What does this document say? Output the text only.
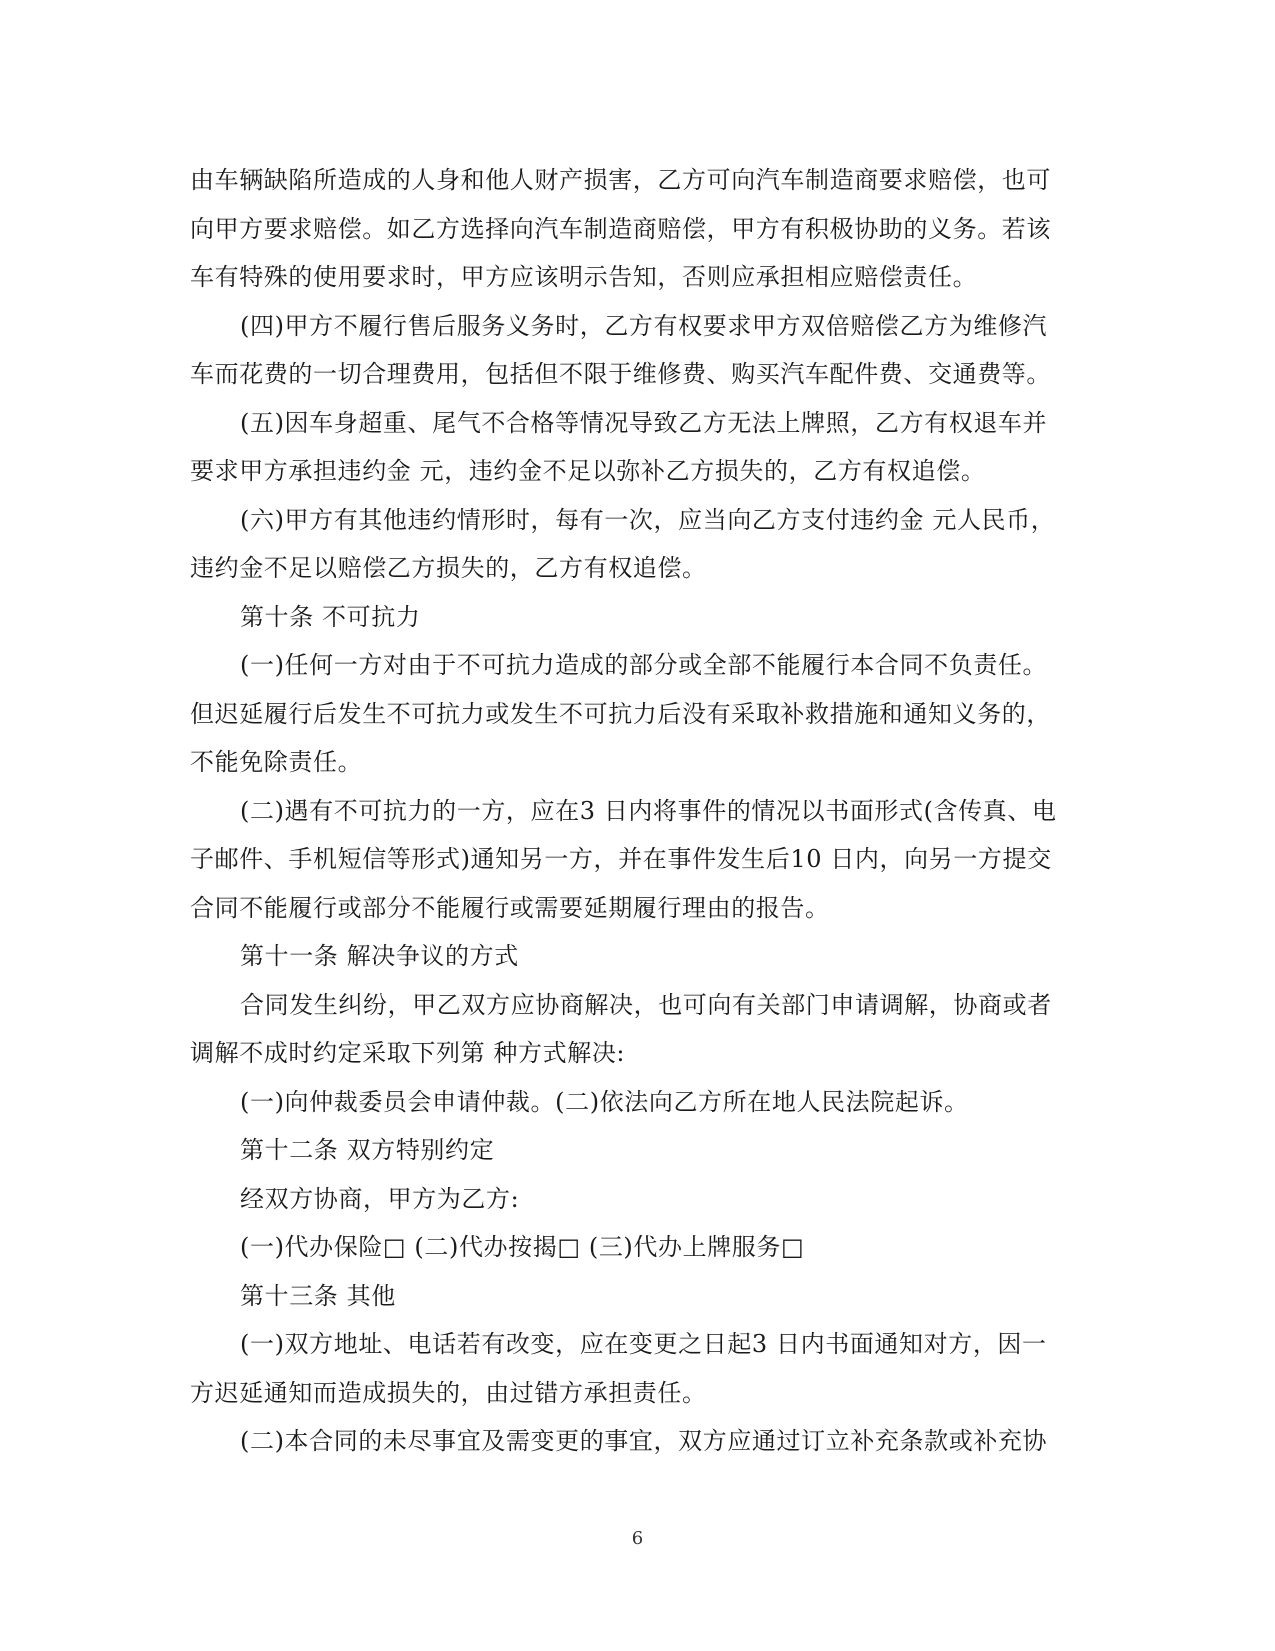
由车辆缺陷所造成的人身和他人财产损害，乙方可向汽车制造商要求赔偿，也可
向甲方要求赔偿。如乙方选择向汽车制造商赔偿，甲方有积极协助的义务。若该
车有特殊的使用要求时，甲方应该明示告知，否则应承担相应赔偿责任。
(四)甲方不履行售后服务义务时，乙方有权要求甲方双倍赔偿乙方为维修汽
车而花费的一切合理费用，包括但不限于维修费、购买汽车配件费、交通费等。
(五)因车身超重、尾气不合格等情况导致乙方无法上牌照，乙方有权退车并
要求甲方承担违约金 元，违约金不足以弥补乙方损失的，乙方有权追偿。
(六)甲方有其他违约情形时，每有一次，应当向乙方支付违约金 元人民币，
违约金不足以赔偿乙方损失的，乙方有权追偿。
第十条 不可抗力
(一)任何一方对由于不可抗力造成的部分或全部不能履行本合同不负责任。
但迟延履行后发生不可抗力或发生不可抗力后没有采取补救措施和通知义务的，
不能免除责任。
(二)遇有不可抗力的一方，应在3 日内将事件的情况以书面形式(含传真、电
子邮件、手机短信等形式)通知另一方，并在事件发生后10 日内，向另一方提交
合同不能履行或部分不能履行或需要延期履行理由的报告。
第十一条 解决争议的方式
合同发生纠纷，甲乙双方应协商解决，也可向有关部门申请调解，协商或者
调解不成时约定采取下列第 种方式解决:
(一)向仲裁委员会申请仲裁。(二)依法向乙方所在地人民法院起诉。
第十二条 双方特别约定
经双方协商，甲方为乙方:
(一)代办保险□ (二)代办按揭□ (三)代办上牌服务□
第十三条 其他
(一)双方地址、电话若有改变，应在变更之日起3 日内书面通知对方，因一
方迟延通知而造成损失的，由过错方承担责任。
(二)本合同的未尽事宜及需变更的事宜，双方应通过订立补充条款或补充协
6
